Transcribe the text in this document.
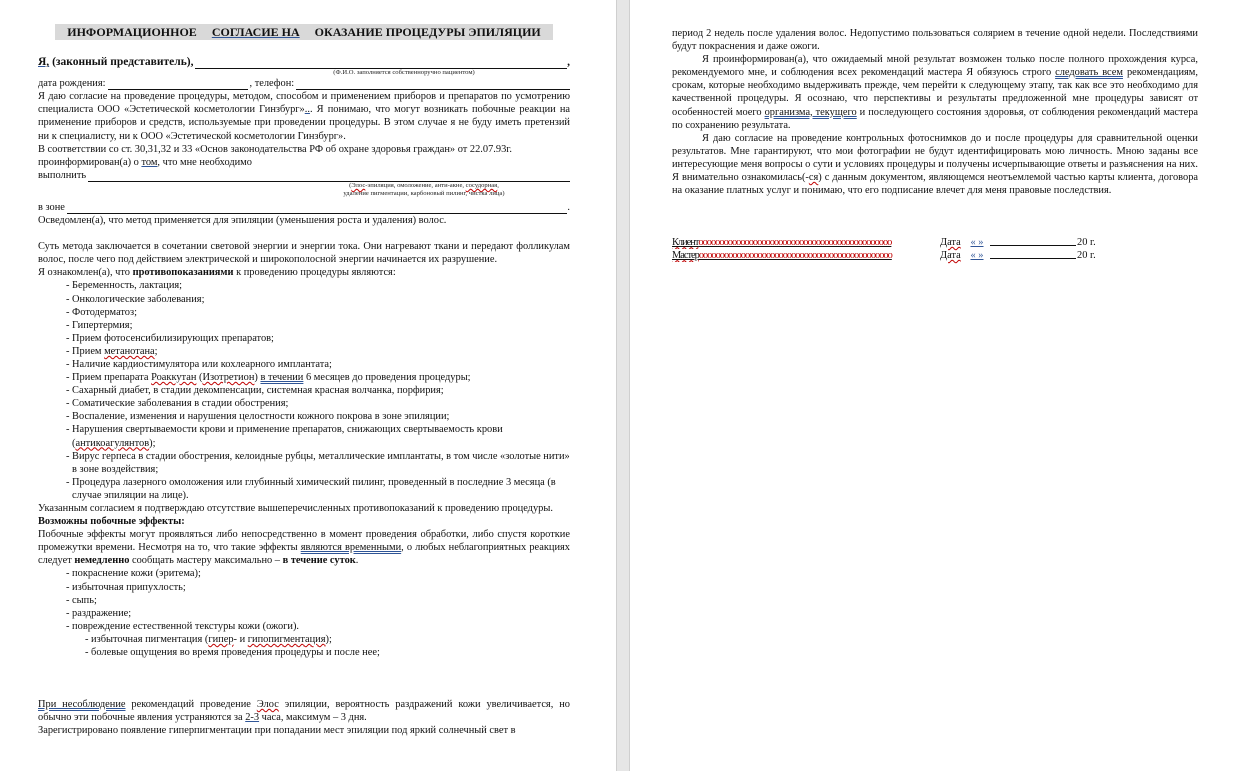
ИНФОРМАЦИОННОЕ СОГЛАСИЕ НА ОКАЗАНИЕ ПРОЦЕДУРЫ ЭПИЛЯЦИИ
Я, (законный представитель),	,
(Ф.И.О. заполняется собственноручно пациентом)
дата рождения:	, телефон:

Я даю согласие на проведение процедуры, методом, способом и применением приборов и препаратов по усмотрению специалиста ООО «Эстетической косметологии Гинзбург»... Я понимаю, что могут возникать побочные реакции на применение приборов и средств, используемые при проведении процедуры. В этом случае я не буду иметь претензий ни к специалисту, ни к ООО «Эстетической косметологии Гинзбург».

В соответствии со ст. 30,31,32 и 33 «Основ законодательства РФ об охране здоровья граждан» от 22.07.93г.

проинформирован(а) о том, что мне необходимо

выполнить
(Элос-эпиляция, омоложение, анти-акне, сосудорная,
удаление пигментации, карбоновый пилинг, чистка лица)
в зоне	.

Осведомлен(а), что метод применяется для эпиляции (уменьшения роста и удаления) волос.

Суть метода заключается в сочетании световой энергии и энергии тока. Они нагревают ткани и передают фолликулам волос, после чего под действием электрической и широкополосной энергии начинается их разрушение.

Я ознакомлен(а), что противопоказаниями к проведению процедуры являются:

- Беременность, лактация;
- Онкологические заболевания;
- Фотодерматоз;
- Гипертермия;
- Прием фотосенсибилизирующих препаратов;
- Прием метанотана;
- Наличие кардиостимулятора или кохлеарного имплантата;
- Прием препарата Роаккутан (Изотретион) в течении 6 месяцев до проведения процедуры;
- Сахарный диабет, в стадии декомпенсации, системная красная волчанка, порфирия;
- Соматические заболевания в стадии обострения;
- Воспаление, изменения и нарушения целостности кожного покрова в зоне эпиляции;
- Нарушения свертываемости крови и применение препаратов, снижающих свертываемость крови (антикоагулянтов);
- Вирус герпеса в стадии обострения, келоидные рубцы, металлические имплантаты, в том числе «золотые нити» в зоне воздействия;
- Процедура лазерного омоложения или глубинный химический пилинг, проведенный в последние 3 месяца (в случае эпиляции на лице).

Указанным согласием я подтверждаю отсутствие вышеперечисленных противопоказаний к проведению процедуры.

Возможны побочные эффекты:

Побочные эффекты могут проявляться либо непосредственно в момент проведения обработки, либо спустя короткие промежутки времени. Несмотря на то, что такие эффекты являются временными, о любых неблагоприятных реакциях следует немедленно сообщать мастеру максимально – в течение суток.

- покраснение кожи (эритема);
- избыточная припухлость;
- сыпь;
- раздражение;
- повреждение естественной текстуры кожи (ожоги).
- избыточная пигментация (гипер- и гипопигментация);
- болевые ощущения во время проведения процедуры и после нее;

При несоблюдение рекомендаций проведение Элос эпиляции, вероятность раздражений кожи увеличивается, но обычно эти побочные явления устраняются за 2-3 часа, максимум – 3 дня.

Зарегистрировано появление гиперпигментации при попадании мест эпиляции под яркий солнечный свет в

период 2 недель после удаления волос. Недопустимо пользоваться солярием в течение одной недели. Последствиями будут покраснения и даже ожоги.

Я проинформирован(а), что ожидаемый мной результат возможен только после полного прохождения курса, рекомендуемого мне, и соблюдения всех рекомендаций мастера Я обязуюсь строго следовать всем рекомендациям, срокам, которые необходимо выдерживать прежде, чем перейти к следующему этапу, так как все это необходимо для качественной процедуры. Я осознаю, что перспективы и результаты предложенной мне процедуры зависят от особенностей моего организма, текущего и последующего состояния здоровья, от соблюдения рекомендаций мастера по сохранению результата.

Я даю согласие на проведение контрольных фотоснимков до и после процедуры для сравнительной оценки результатов. Мне гарантируют, что мои фотографии не будут идентифицировать мою личность. Мною заданы все интересующие меня вопросы о сути и условиях процедуры и получены исчерпывающие ответы и разъяснения на них. Я внимательно ознакомилась(-ся) с данным документом, являющемся неотъемлемой частью карты клиента, договора на оказание платных услуг и понимаю, что его подписание влечет для меня правовые последствия.

Клиентoooooooooooooooooooooooooooooooooooooooooooooo	Дата « »	20 г.
Мастерoooooooooooooooooooooooooooooooooooooooooooooo	Дата « »	20 г.
